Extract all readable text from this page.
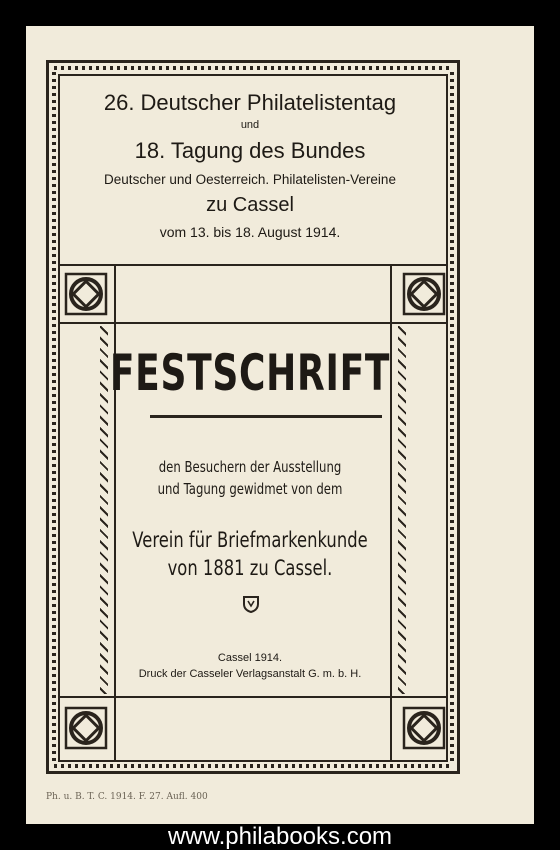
26. Deutscher Philatelistentag
und
18. Tagung des Bundes
Deutscher und Oesterreich. Philatelisten-Vereine
zu Cassel
vom 13. bis 18. August 1914.
FESTSCHRIFT
den Besuchern der Ausstellung
und Tagung gewidmet von dem
Verein für Briefmarkenkunde
von 1881 zu Cassel.
Cassel 1914.
Druck der Casseler Verlagsanstalt G. m. b. H.
Ph. u. B. T. C. 1914. F. 27. Aufl. 400
www.philabooks.com
